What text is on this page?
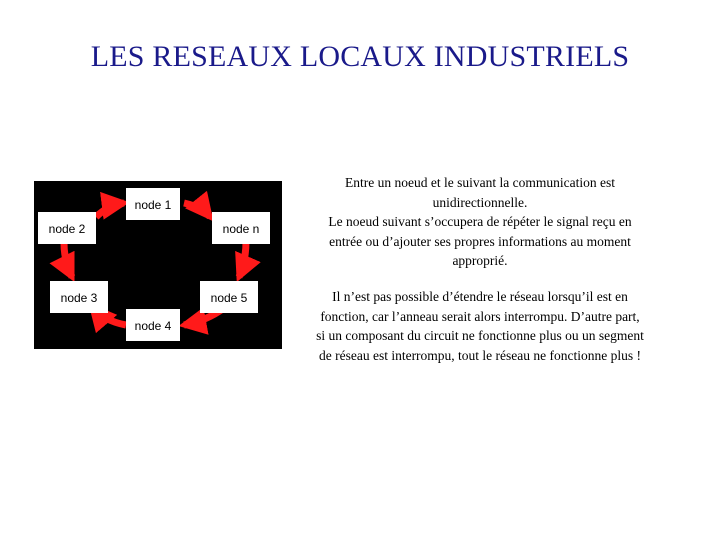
LES RESEAUX LOCAUX INDUSTRIELS
node 1
node n
node 5
node 4
node 3
node 2
Entre un noeud et le suivant la communication est
unidirectionnelle.
Le noeud suivant s’occupera de répéter le signal reçu en
entrée ou d’ajouter ses propres informations au moment
approprié.
Il n’est pas possible d’étendre le réseau lorsqu’il est en
fonction, car l’anneau serait alors interrompu. D’autre part,
si un composant du circuit ne fonctionne plus ou un segment
de réseau est interrompu, tout le réseau ne fonctionne plus !
